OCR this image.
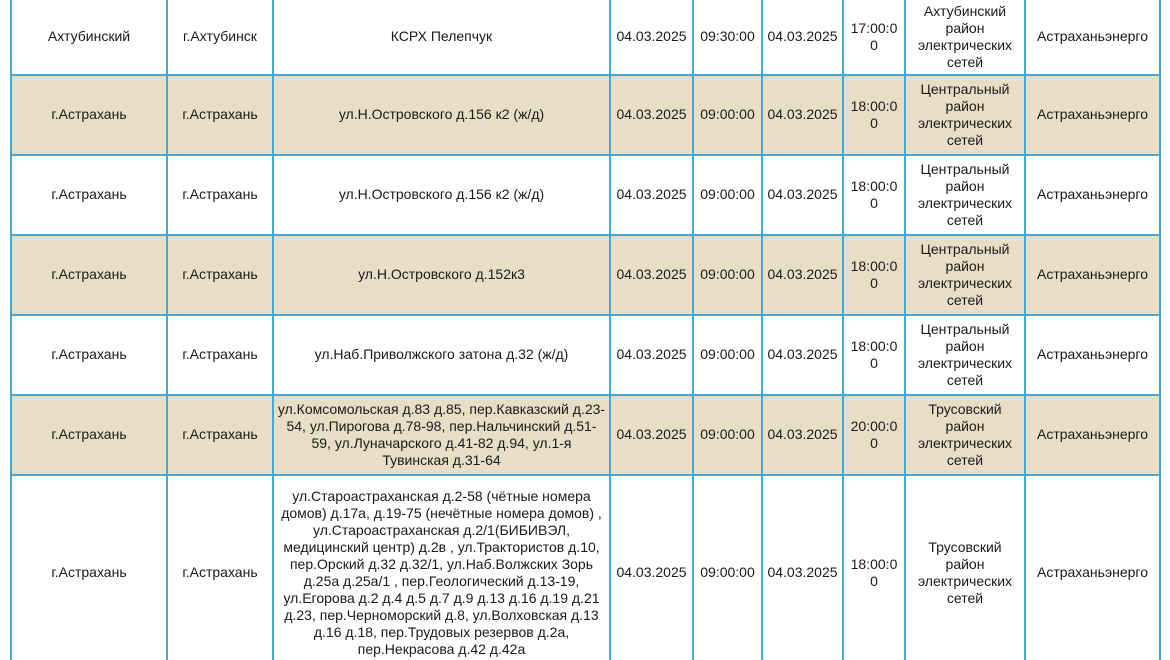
Ахтубинский	г.Ахтубинск	КСРХ Пелепчук	04.03.2025	09:30:00	04.03.2025	17:00:00	Ахтубинский район электрических сетей	Астраханьэнерго
г.Астрахань	г.Астрахань	ул.Н.Островского д.156 к2 (ж/д)	04.03.2025	09:00:00	04.03.2025	18:00:00	Центральный район электрических сетей	Астраханьэнерго
г.Астрахань	г.Астрахань	ул.Н.Островского д.156 к2 (ж/д)	04.03.2025	09:00:00	04.03.2025	18:00:00	Центральный район электрических сетей	Астраханьэнерго
г.Астрахань	г.Астрахань	ул.Н.Островского д.152к3	04.03.2025	09:00:00	04.03.2025	18:00:00	Центральный район электрических сетей	Астраханьэнерго
г.Астрахань	г.Астрахань	ул.Наб.Приволжского затона д.32 (ж/д)	04.03.2025	09:00:00	04.03.2025	18:00:00	Центральный район электрических сетей	Астраханьэнерго
г.Астрахань	г.Астрахань	ул.Комсомольская д.83 д.85, пер.Кавказский д.23-54, ул.Пирогова д.78-98, пер.Нальчинский д.51-59, ул.Луначарского д.41-82 д.94, ул.1-я Тувинская д.31-64	04.03.2025	09:00:00	04.03.2025	20:00:00	Трусовский район электрических сетей	Астраханьэнерго
г.Астрахань	г.Астрахань	ул.Староастраханская д.2-58 (чётные номера домов) д.17а, д.19-75 (нечётные номера домов) , ул.Староастраханская д.2/1(БИБИВЭЛ, медицинский центр) д.2в , ул.Трактористов д.10, пер.Орский д.32 д.32/1, ул.Наб.Волжских Зорь д.25а д.25а/1 , пер.Геологический д.13-19, ул.Егорова д.2 д.4 д.5 д.7 д.9 д.13 д.16 д.19 д.21 д.23, пер.Черноморский д.8, ул.Волховская д.13 д.16 д.18, пер.Трудовых резервов д.2а, пер.Некрасова д.42 д.42а	04.03.2025	09:00:00	04.03.2025	18:00:00	Трусовский район электрических сетей	Астраханьэнерго
